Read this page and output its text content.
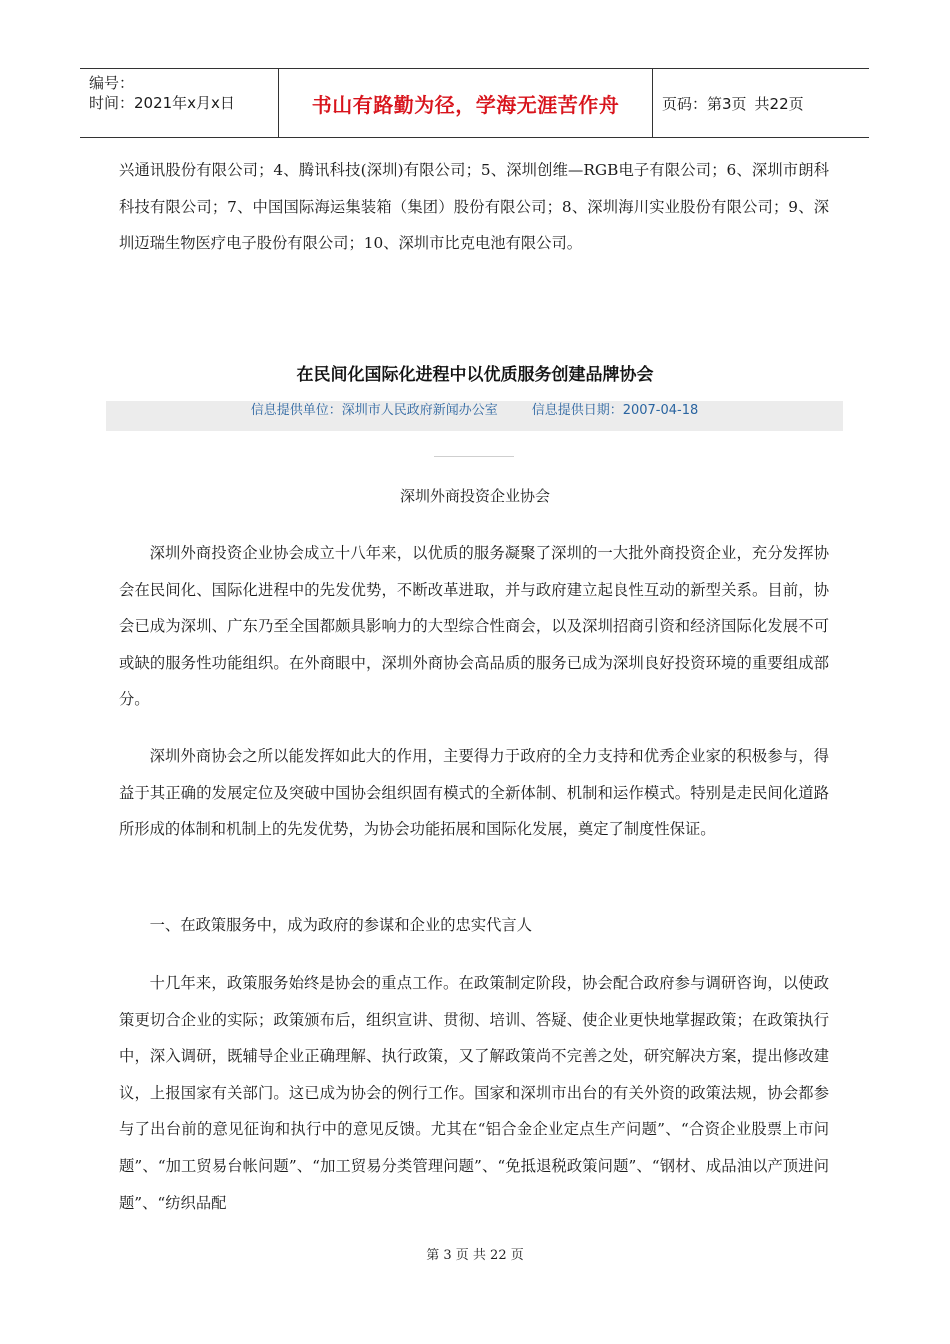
编号：
时间：2021年x月x日	书山有路勤为径，学海无涯苦作舟	页码：第3页 共22页
兴通讯股份有限公司；4、腾讯科技(深圳)有限公司；5、深圳创维—RGB电子有限公司；6、深圳市朗科科技有限公司；7、中国国际海运集装箱（集团）股份有限公司；8、深圳海川实业股份有限公司；9、深圳迈瑞生物医疗电子股份有限公司；10、深圳市比克电池有限公司。
在民间化国际化进程中以优质服务创建品牌协会
信息提供单位：深圳市人民政府新闻办公室	信息提供日期：2007-04-18
深圳外商投资企业协会
深圳外商投资企业协会成立十八年来，以优质的服务凝聚了深圳的一大批外商投资企业，充分发挥协会在民间化、国际化进程中的先发优势，不断改革进取，并与政府建立起良性互动的新型关系。目前，协会已成为深圳、广东乃至全国都颇具影响力的大型综合性商会，以及深圳招商引资和经济国际化发展不可或缺的服务性功能组织。在外商眼中，深圳外商协会高品质的服务已成为深圳良好投资环境的重要组成部分。
深圳外商协会之所以能发挥如此大的作用，主要得力于政府的全力支持和优秀企业家的积极参与，得益于其正确的发展定位及突破中国协会组织固有模式的全新体制、机制和运作模式。特别是走民间化道路所形成的体制和机制上的先发优势，为协会功能拓展和国际化发展，奠定了制度性保证。
一、在政策服务中，成为政府的参谋和企业的忠实代言人
十几年来，政策服务始终是协会的重点工作。在政策制定阶段，协会配合政府参与调研咨询，以使政策更切合企业的实际；政策颁布后，组织宣讲、贯彻、培训、答疑、使企业更快地掌握政策；在政策执行中，深入调研，既辅导企业正确理解、执行政策，又了解政策尚不完善之处，研究解决方案，提出修改建议，上报国家有关部门。这已成为协会的例行工作。国家和深圳市出台的有关外资的政策法规，协会都参与了出台前的意见征询和执行中的意见反馈。尤其在“铝合金企业定点生产问题”、“合资企业股票上市问题”、“加工贸易台帐问题”、“加工贸易分类管理问题”、“免抵退税政策问题”、“钢材、成品油以产顶进问题”、“纺织品配
第 3 页 共 22 页
